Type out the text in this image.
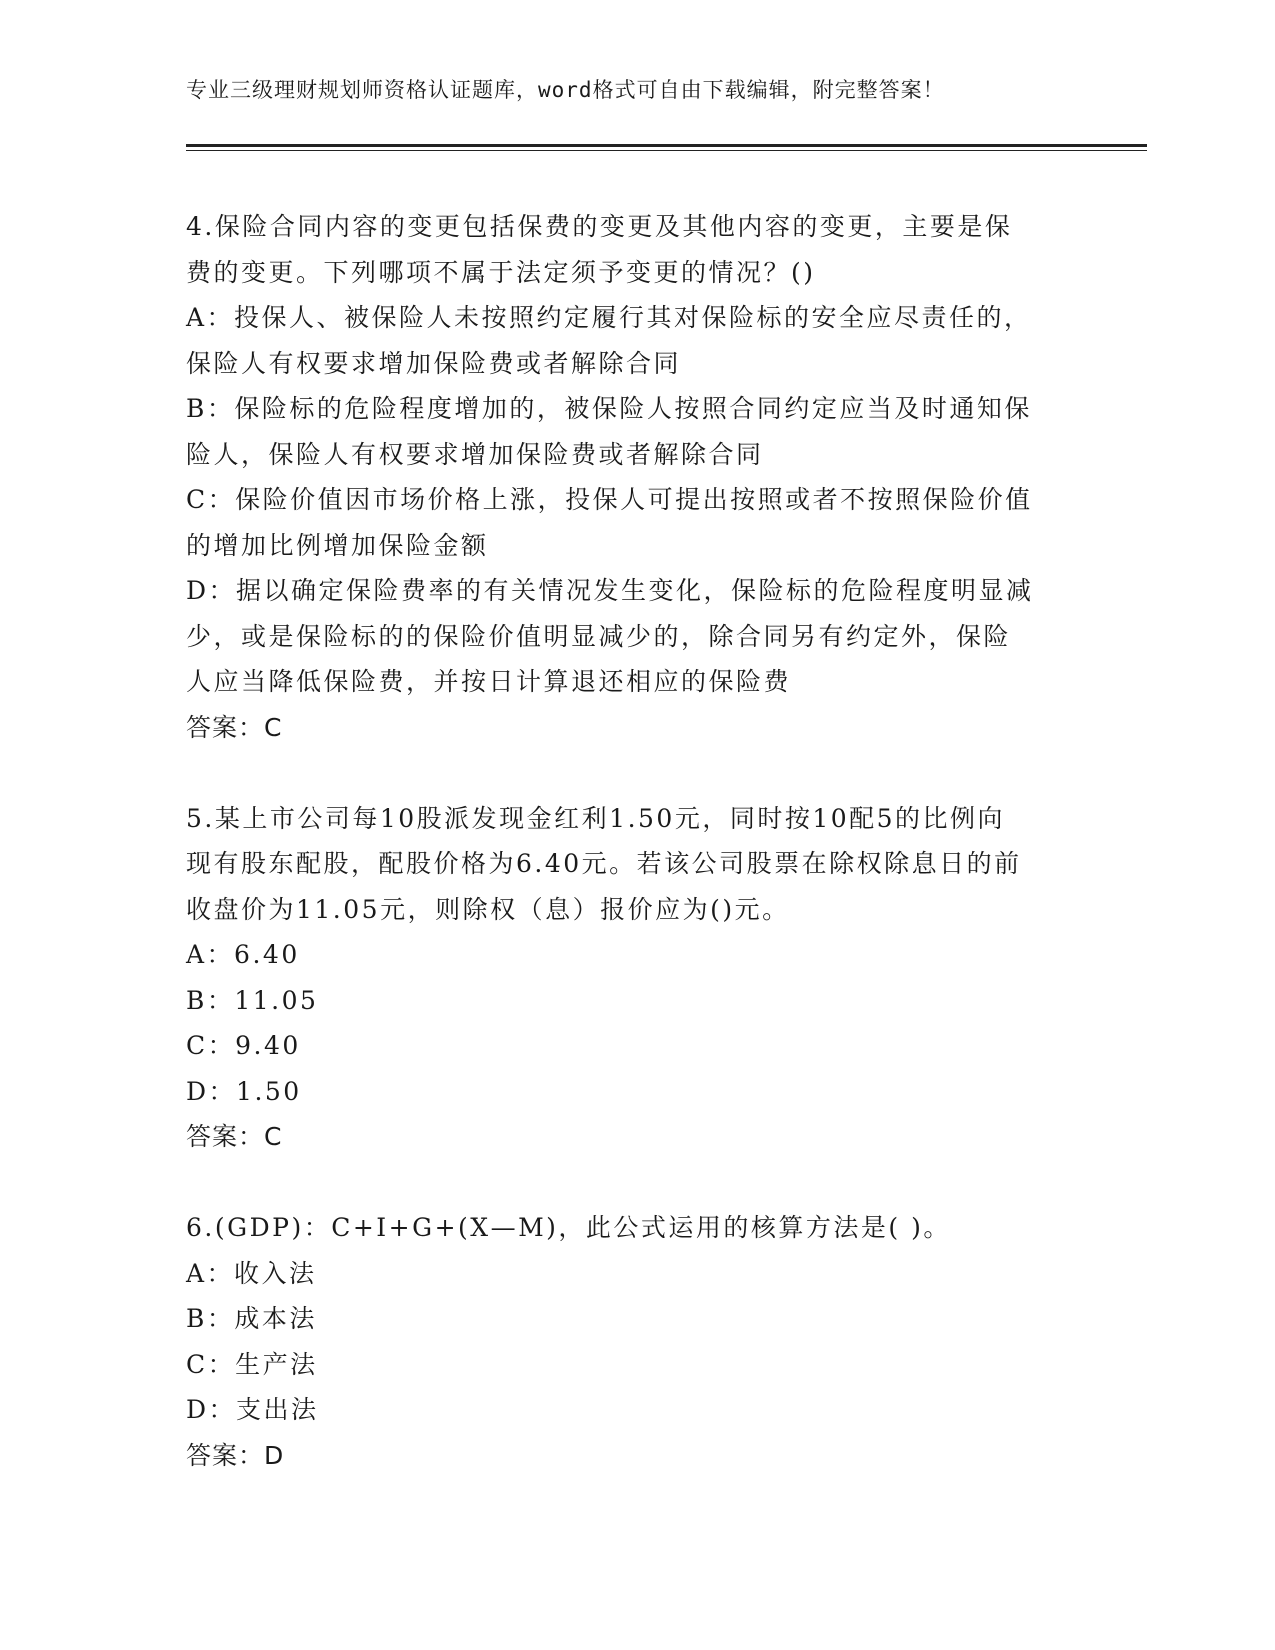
专业三级理财规划师资格认证题库，word格式可自由下载编辑，附完整答案！

4.保险合同内容的变更包括保费的变更及其他内容的变更，主要是保

费的变更。下列哪项不属于法定须予变更的情况？()

A：投保人、被保险人未按照约定履行其对保险标的安全应尽责任的，

保险人有权要求增加保险费或者解除合同

B：保险标的危险程度增加的，被保险人按照合同约定应当及时通知保

险人，保险人有权要求增加保险费或者解除合同

C：保险价值因市场价格上涨，投保人可提出按照或者不按照保险价值

的增加比例增加保险金额

D：据以确定保险费率的有关情况发生变化，保险标的危险程度明显减

少，或是保险标的的保险价值明显减少的，除合同另有约定外，保险

人应当降低保险费，并按日计算退还相应的保险费

答案：C

5.某上市公司每10股派发现金红利1.50元，同时按10配5的比例向

现有股东配股，配股价格为6.40元。若该公司股票在除权除息日的前

收盘价为11.05元，则除权（息）报价应为()元。

A：6.40

B：11.05

C：9.40

D：1.50

答案：C

6.(GDP)：C+I+G+(X—M)，此公式运用的核算方法是( )。

A：收入法

B：成本法

C：生产法

D：支出法

答案：D
